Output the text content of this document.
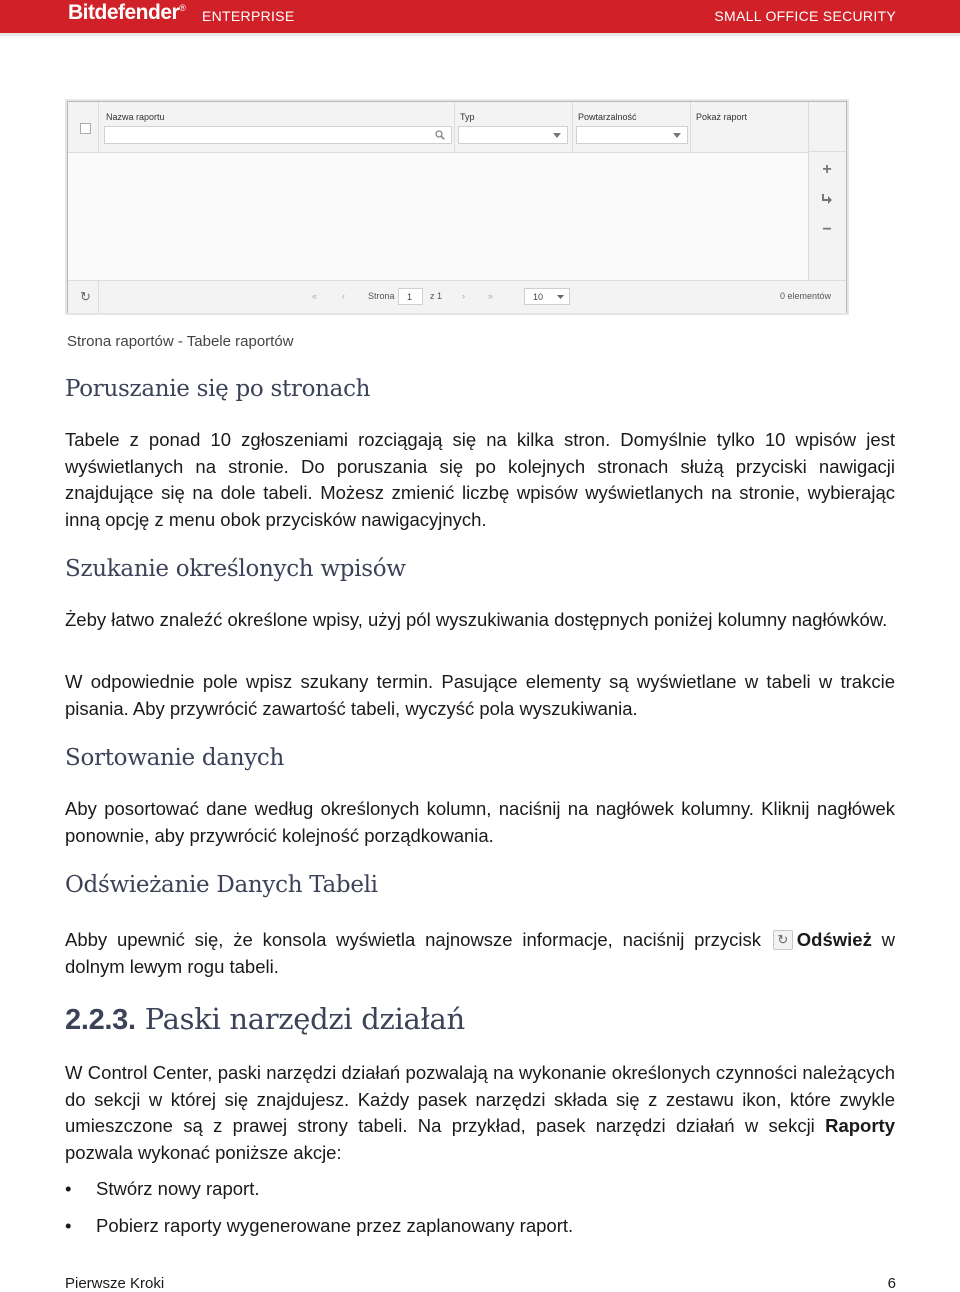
Bitdefender® ENTERPRISE	SMALL OFFICE SECURITY
Nazwa raportu	Typ	Powtarzalność	Pokaż raport
+
−
↻	«	‹	Strona	1	z 1 ›	»	10	0 elementów
Strona raportów - Tabele raportów
Poruszanie się po stronach

Tabele z ponad 10 zgłoszeniami rozciągają się na kilka stron. Domyślnie tylko 10 wpisów jest wyświetlanych na stronie. Do poruszania się po kolejnych stronach służą przyciski nawigacji znajdujące się na dole tabeli. Możesz zmienić liczbę wpisów wyświetlanych na stronie, wybierając inną opcję z menu obok przycisków nawigacyjnych.

Szukanie określonych wpisów

Żeby łatwo znaleźć określone wpisy, użyj pól wyszukiwania dostępnych poniżej kolumny nagłówków.

W odpowiednie pole wpisz szukany termin. Pasujące elementy są wyświetlane w tabeli w trakcie pisania. Aby przywrócić zawartość tabeli, wyczyść pola wyszukiwania.

Sortowanie danych

Aby posortować dane według określonych kolumn, naciśnij na nagłówek kolumny. Kliknij nagłówek ponownie, aby przywrócić kolejność porządkowania.

Odświeżanie Danych Tabeli

Abby upewnić się, że konsola wyświetla najnowsze informacje, naciśnij przycisk ↻ Odśwież w dolnym lewym rogu tabeli.

2.2.3. Paski narzędzi działań

W Control Center, paski narzędzi działań pozwalają na wykonanie określonych czynności należących do sekcji w której się znajdujesz. Każdy pasek narzędzi składa się z zestawu ikon, które zwykle umieszczone są z prawej strony tabeli. Na przykład, pasek narzędzi działań w sekcji Raporty pozwala wykonać poniższe akcje:

• Stwórz nowy raport.
• Pobierz raporty wygenerowane przez zaplanowany raport.
Pierwsze Kroki	6
